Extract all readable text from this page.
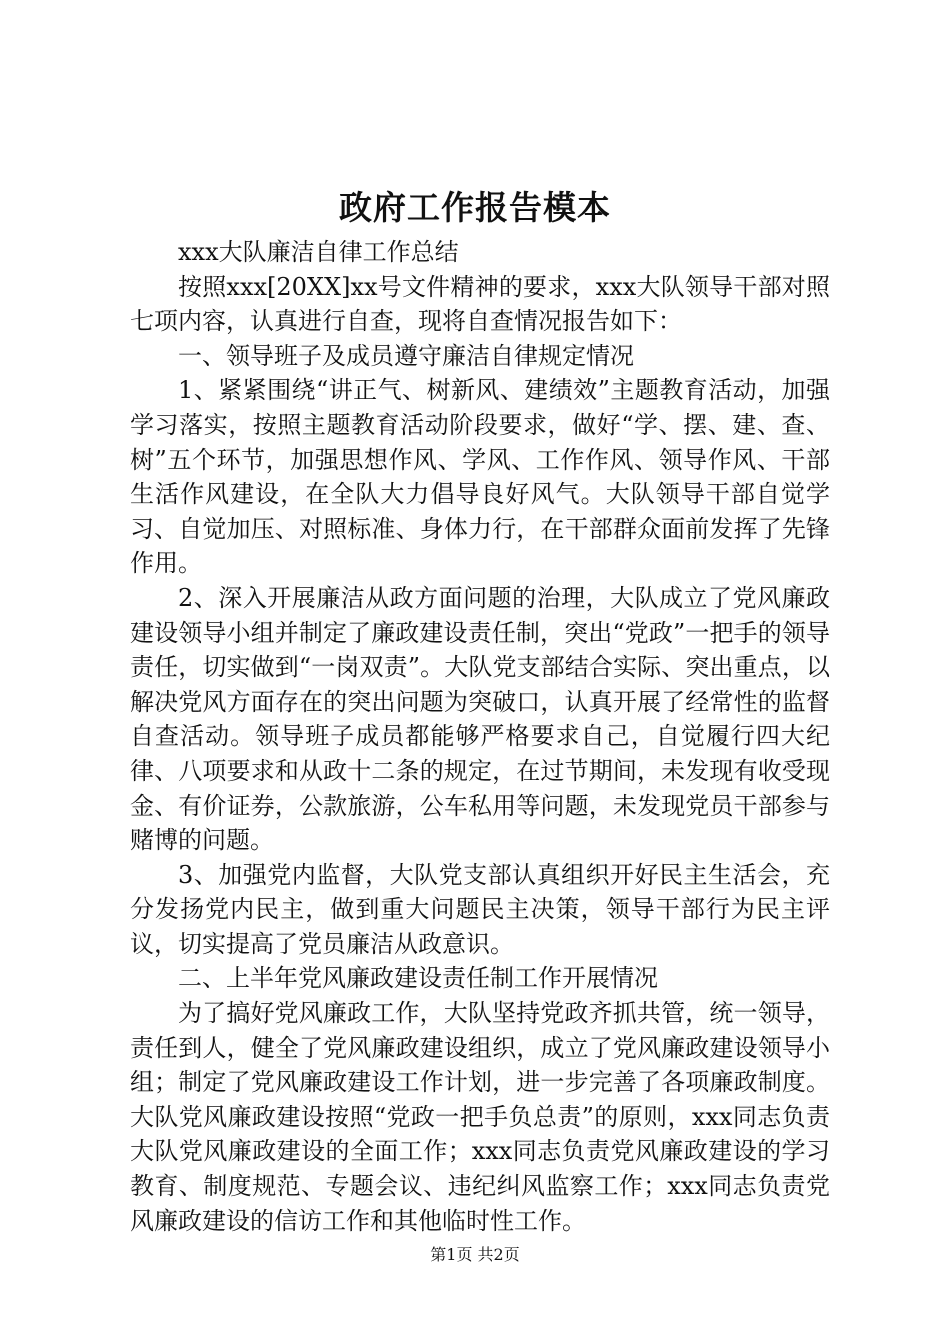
政府工作报告模本

xxx大队廉洁自律工作总结

按照xxx[20XX]xx号文件精神的要求，xxx大队领导干部对照七项内容，认真进行自查，现将自查情况报告如下：

一、领导班子及成员遵守廉洁自律规定情况

1、紧紧围绕“讲正气、树新风、建绩效”主题教育活动，加强学习落实，按照主题教育活动阶段要求，做好“学、摆、建、查、树”五个环节，加强思想作风、学风、工作作风、领导作风、干部生活作风建设，在全队大力倡导良好风气。大队领导干部自觉学习、自觉加压、对照标准、身体力行，在干部群众面前发挥了先锋作用。

2、深入开展廉洁从政方面问题的治理，大队成立了党风廉政建设领导小组并制定了廉政建设责任制，突出“党政”一把手的领导责任，切实做到“一岗双责”。大队党支部结合实际、突出重点，以解决党风方面存在的突出问题为突破口，认真开展了经常性的监督自查活动。领导班子成员都能够严格要求自己，自觉履行四大纪律、八项要求和从政十二条的规定，在过节期间，未发现有收受现金、有价证券，公款旅游，公车私用等问题，未发现党员干部参与赌博的问题。

3、加强党内监督，大队党支部认真组织开好民主生活会，充分发扬党内民主，做到重大问题民主决策，领导干部行为民主评议，切实提高了党员廉洁从政意识。

二、上半年党风廉政建设责任制工作开展情况

为了搞好党风廉政工作，大队坚持党政齐抓共管，统一领导，责任到人，健全了党风廉政建设组织，成立了党风廉政建设领导小组；制定了党风廉政建设工作计划，进一步完善了各项廉政制度。大队党风廉政建设按照“党政一把手负总责”的原则，xxx同志负责大队党风廉政建设的全面工作；xxx同志负责党风廉政建设的学习教育、制度规范、专题会议、违纪纠风监察工作；xxx同志负责党风廉政建设的信访工作和其他临时性工作。

第1页 共2页
